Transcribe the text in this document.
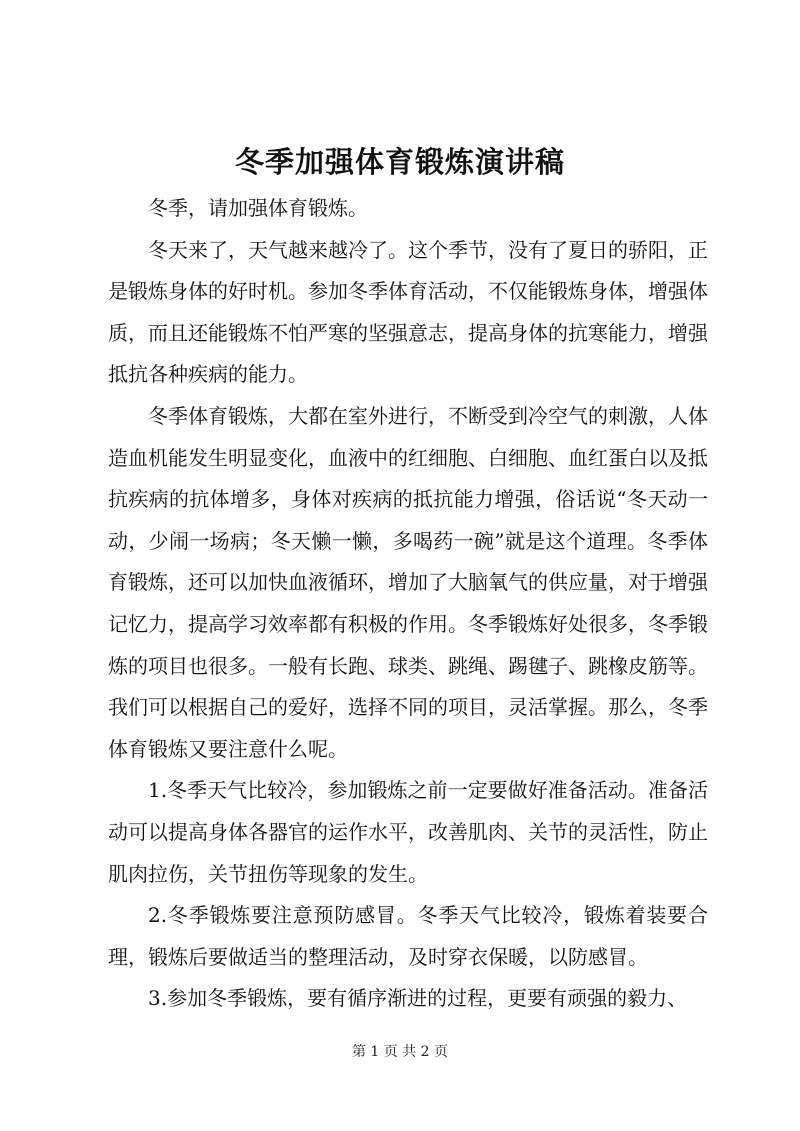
冬季加强体育锻炼演讲稿

冬季，请加强体育锻炼。

冬天来了，天气越来越冷了。这个季节，没有了夏日的骄阳，正是锻炼身体的好时机。参加冬季体育活动，不仅能锻炼身体，增强体质，而且还能锻炼不怕严寒的坚强意志，提高身体的抗寒能力，增强抵抗各种疾病的能力。

冬季体育锻炼，大都在室外进行，不断受到冷空气的刺激，人体造血机能发生明显变化，血液中的红细胞、白细胞、血红蛋白以及抵抗疾病的抗体增多，身体对疾病的抵抗能力增强，俗话说“冬天动一动，少闹一场病；冬天懒一懒，多喝药一碗”就是这个道理。冬季体育锻炼，还可以加快血液循环，增加了大脑氧气的供应量，对于增强记忆力，提高学习效率都有积极的作用。冬季锻炼好处很多，冬季锻炼的项目也很多。一般有长跑、球类、跳绳、踢毽子、跳橡皮筋等。我们可以根据自己的爱好，选择不同的项目，灵活掌握。那么，冬季体育锻炼又要注意什么呢。

1.冬季天气比较冷，参加锻炼之前一定要做好准备活动。准备活动可以提高身体各器官的运作水平，改善肌肉、关节的灵活性，防止肌肉拉伤，关节扭伤等现象的发生。

2.冬季锻炼要注意预防感冒。冬季天气比较冷，锻炼着装要合理，锻炼后要做适当的整理活动，及时穿衣保暖，以防感冒。

3.参加冬季锻炼，要有循序渐进的过程，更要有顽强的毅力、

第 1 页 共 2 页
